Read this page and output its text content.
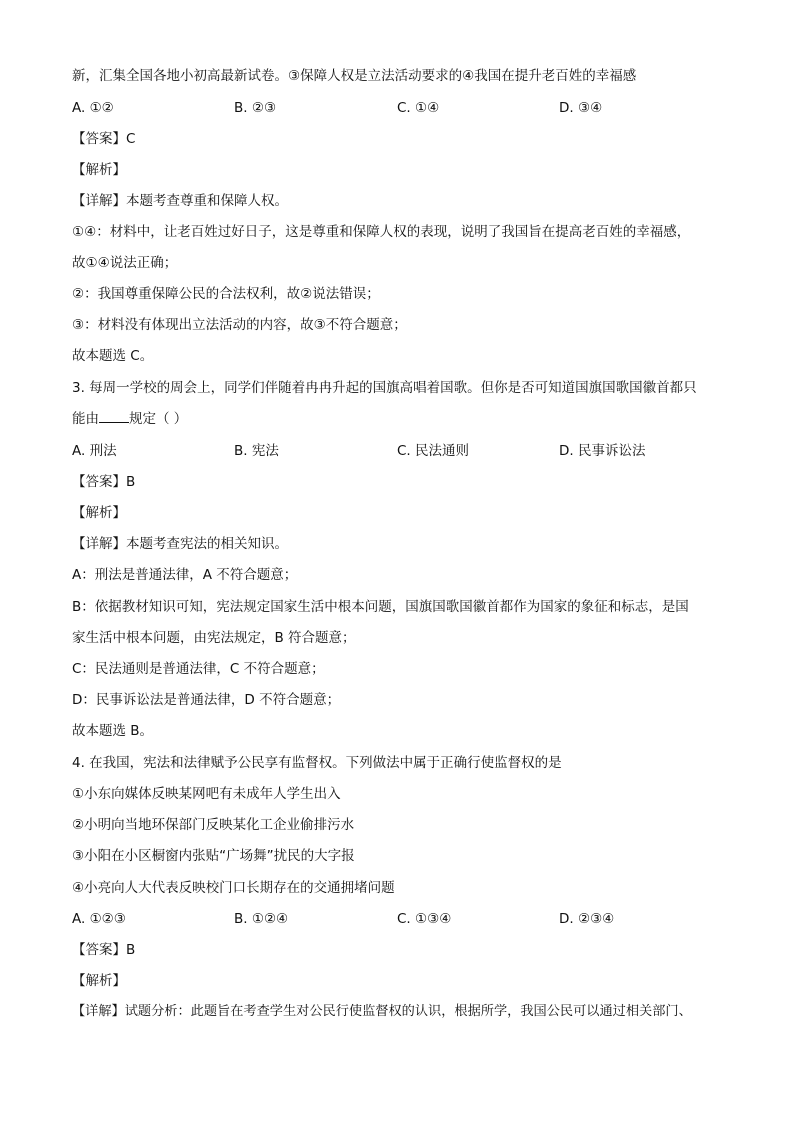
新，汇集全国各地小初高最新试卷。③保障人权是立法活动要求的④我国在提升老百姓的幸福感
A. ①②	B. ②③	C. ①④	D. ③④
【答案】C
【解析】
【详解】本题考查尊重和保障人权。
①④：材料中，让老百姓过好日子，这是尊重和保障人权的表现，说明了我国旨在提高老百姓的幸福感，
故①④说法正确；
②：我国尊重保障公民的合法权利，故②说法错误；
③：材料没有体现出立法活动的内容，故③不符合题意；
故本题选 C。
3. 每周一学校的周会上，同学们伴随着冉冉升起的国旗高唱着国歌。但你是否可知道国旗国歌国徽首都只
能由 规定（ ）
A. 刑法	B. 宪法	C. 民法通则	D. 民事诉讼法
【答案】B
【解析】
【详解】本题考查宪法的相关知识。
A：刑法是普通法律，A 不符合题意；
B：依据教材知识可知，宪法规定国家生活中根本问题，国旗国歌国徽首都作为国家的象征和标志，是国
家生活中根本问题，由宪法规定，B 符合题意；
C：民法通则是普通法律，C 不符合题意；
D：民事诉讼法是普通法律，D 不符合题意；
故本题选 B。
4. 在我国，宪法和法律赋予公民享有监督权。下列做法中属于正确行使监督权的是
①小东向媒体反映某网吧有未成年人学生出入
②小明向当地环保部门反映某化工企业偷排污水
③小阳在小区橱窗内张贴“广场舞”扰民的大字报
④小亮向人大代表反映校门口长期存在的交通拥堵问题
A. ①②③	B. ①②④	C. ①③④	D. ②③④
【答案】B
【解析】
【详解】试题分析：此题旨在考查学生对公民行使监督权的认识，根据所学，我国公民可以通过相关部门、
